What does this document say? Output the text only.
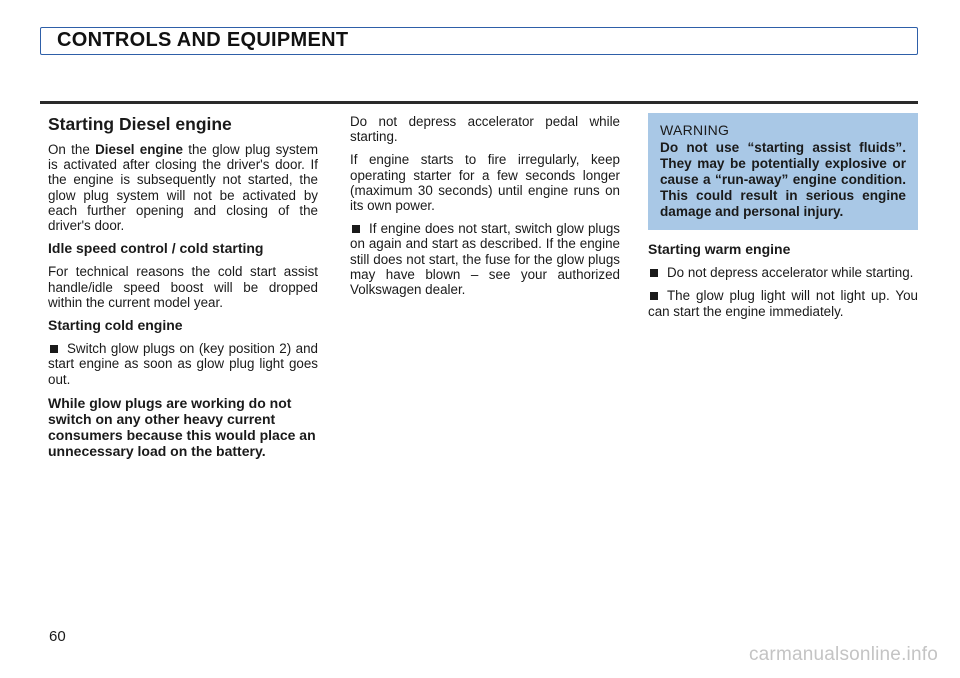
CONTROLS AND EQUIPMENT
Starting Diesel engine

On the Diesel engine the glow plug system is activated after closing the driver's door. If the engine is subsequently not started, the glow plug system will not be activated by each further opening and closing of the driver's door.

Idle speed control / cold starting

For technical reasons the cold start assist handle/idle speed boost will be dropped within the current model year.

Starting cold engine

Switch glow plugs on (key position 2) and start engine as soon as glow plug light goes out.

While glow plugs are working do not switch on any other heavy current consumers because this would place an unnecessary load on the battery.

Do not depress accelerator pedal while starting.

If engine starts to fire irregularly, keep operating starter for a few seconds longer (maximum 30 seconds) until engine runs on its own power.

If engine does not start, switch glow plugs on again and start as described. If the engine still does not start, the fuse for the glow plugs may have blown – see your authorized Volkswagen dealer.

WARNING
Do not use “starting assist fluids”. They may be potentially explosive or cause a “run-away” engine condition. This could result in serious engine damage and personal injury.
Starting warm engine

Do not depress accelerator while starting.

The glow plug light will not light up. You can start the engine immediately.

60
carmanualsonline.info
